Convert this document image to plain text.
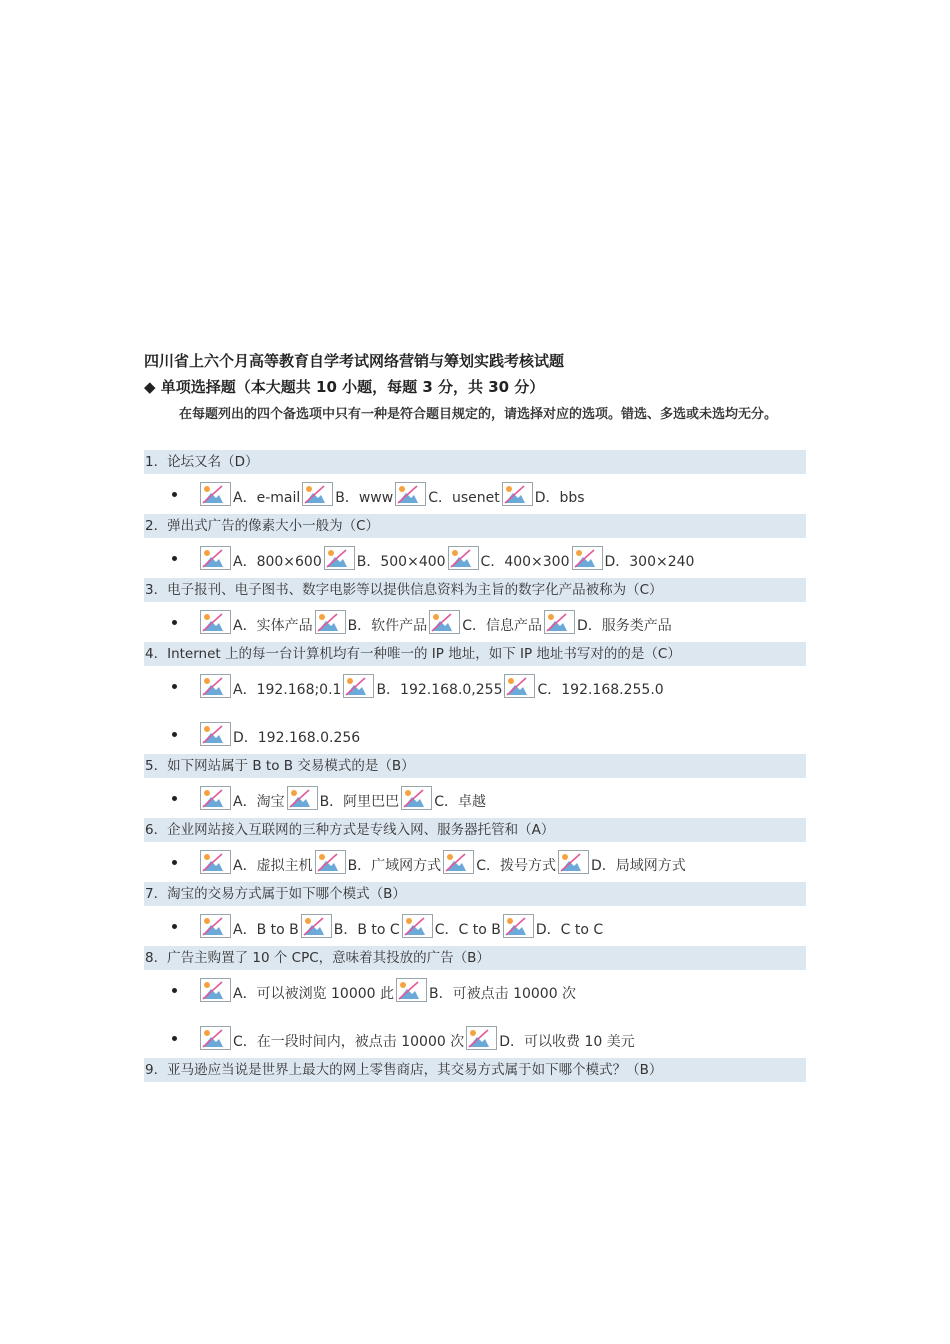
四川省上六个月高等教育自学考试网络营销与筹划实践考核试题
◆ 单项选择题（本大题共 10 小题，每题 3 分，共 30 分）
在每题列出的四个备选项中只有一种是符合题目规定的，请选择对应的选项。错选、多选或未选均无分。
1．论坛又名（D）
A．e-mail	B．www	C．usenet	D．bbs
2．弹出式广告的像素大小一般为（C）
A．800×600	B．500×400	C．400×300	D．300×240
3．电子报刊、电子图书、数字电影等以提供信息资料为主旨的数字化产品被称为（C）
A．实体产品	B．软件产品	C．信息产品	D．服务类产品
4．Internet 上的每一台计算机均有一种唯一的 IP 地址，如下 IP 地址书写对的的是（C）
A．192.168;0.1	B．192.168.0,255	C．192.168.255.0
D．192.168.0.256
5．如下网站属于 B to B 交易模式的是（B）
A．淘宝	B．阿里巴巴	C．卓越
6．企业网站接入互联网的三种方式是专线入网、服务器托管和（A）
A．虚拟主机	B．广域网方式	C．拨号方式	D．局域网方式
7．淘宝的交易方式属于如下哪个模式（B）
A．B to B	B．B to C	C．C to B	D．C to C
8．广告主购置了 10 个 CPC，意味着其投放的广告（B）
A．可以被浏览 10000 此	B．可被点击 10000 次
C．在一段时间内，被点击 10000 次	D．可以收费 10 美元
9．亚马逊应当说是世界上最大的网上零售商店，其交易方式属于如下哪个模式？（B）
